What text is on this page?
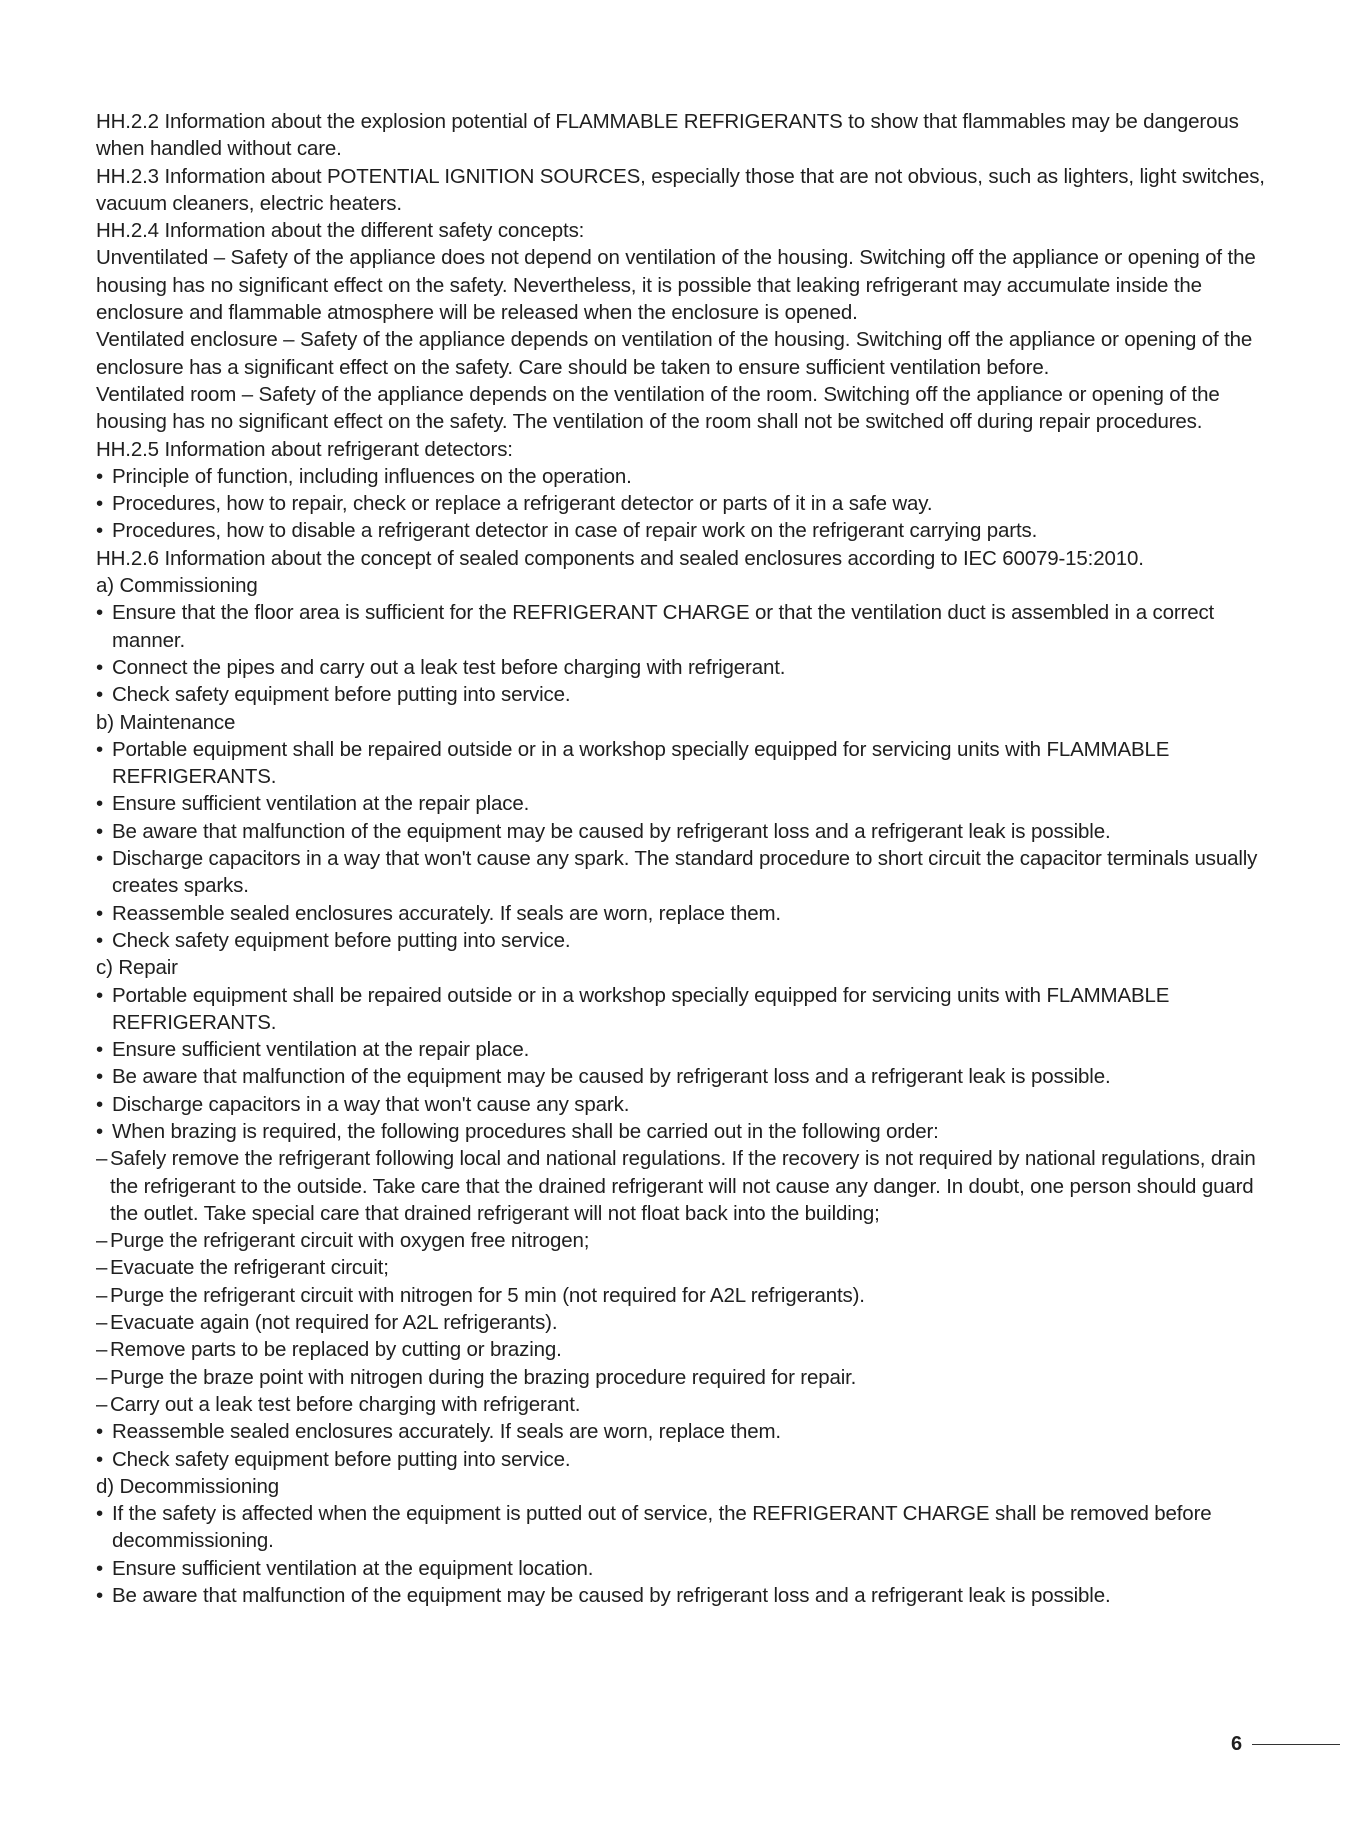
HH.2.2 Information about the explosion potential of FLAMMABLE REFRIGERANTS to show that flammables may be dangerous when handled without care.
HH.2.3 Information about POTENTIAL IGNITION SOURCES, especially those that are not obvious, such as lighters, light switches, vacuum cleaners, electric heaters.
HH.2.4 Information about the different safety concepts:
Unventilated – Safety of the appliance does not depend on ventilation of the housing. Switching off the appliance or opening of the housing has no significant effect on the safety. Nevertheless, it is possible that leaking refrigerant may accumulate inside the enclosure and flammable atmosphere will be released when the enclosure is opened.
Ventilated enclosure – Safety of the appliance depends on ventilation of the housing. Switching off the appliance or opening of the enclosure has a significant effect on the safety. Care should be taken to ensure sufficient ventilation before.
Ventilated room – Safety of the appliance depends on the ventilation of the room. Switching off the appliance or opening of the housing has no significant effect on the safety. The ventilation of the room shall not be switched off during repair procedures.
HH.2.5 Information about refrigerant detectors:
• Principle of function, including influences on the operation.
• Procedures, how to repair, check or replace a refrigerant detector or parts of it in a safe way.
• Procedures, how to disable a refrigerant detector in case of repair work on the refrigerant carrying parts.
HH.2.6 Information about the concept of sealed components and sealed enclosures according to IEC 60079-15:2010.
a) Commissioning
• Ensure that the floor area is sufficient for the REFRIGERANT CHARGE or that the ventilation duct is assembled in a correct manner.
• Connect the pipes and carry out a leak test before charging with refrigerant.
• Check safety equipment before putting into service.
b) Maintenance
• Portable equipment shall be repaired outside or in a workshop specially equipped for servicing units with FLAMMABLE REFRIGERANTS.
• Ensure sufficient ventilation at the repair place.
• Be aware that malfunction of the equipment may be caused by refrigerant loss and a refrigerant leak is possible.
• Discharge capacitors in a way that won't cause any spark. The standard procedure to short circuit the capacitor terminals usually creates sparks.
• Reassemble sealed enclosures accurately. If seals are worn, replace them.
• Check safety equipment before putting into service.
c) Repair
• Portable equipment shall be repaired outside or in a workshop specially equipped for servicing units with FLAMMABLE REFRIGERANTS.
• Ensure sufficient ventilation at the repair place.
• Be aware that malfunction of the equipment may be caused by refrigerant loss and a refrigerant leak is possible.
• Discharge capacitors in a way that won't cause any spark.
• When brazing is required, the following procedures shall be carried out in the following order:
– Safely remove the refrigerant following local and national regulations. If the recovery is not required by national regulations, drain the refrigerant to the outside. Take care that the drained refrigerant will not cause any danger. In doubt, one person should guard the outlet. Take special care that drained refrigerant will not float back into the building;
– Purge the refrigerant circuit with oxygen free nitrogen;
– Evacuate the refrigerant circuit;
– Purge the refrigerant circuit with nitrogen for 5 min (not required for A2L refrigerants).
– Evacuate again (not required for A2L refrigerants).
– Remove parts to be replaced by cutting or brazing.
– Purge the braze point with nitrogen during the brazing procedure required for repair.
– Carry out a leak test before charging with refrigerant.
• Reassemble sealed enclosures accurately. If seals are worn, replace them.
• Check safety equipment before putting into service.
d) Decommissioning
• If the safety is affected when the equipment is putted out of service, the REFRIGERANT CHARGE shall be removed before decommissioning.
• Ensure sufficient ventilation at the equipment location.
• Be aware that malfunction of the equipment may be caused by refrigerant loss and a refrigerant leak is possible.
6
